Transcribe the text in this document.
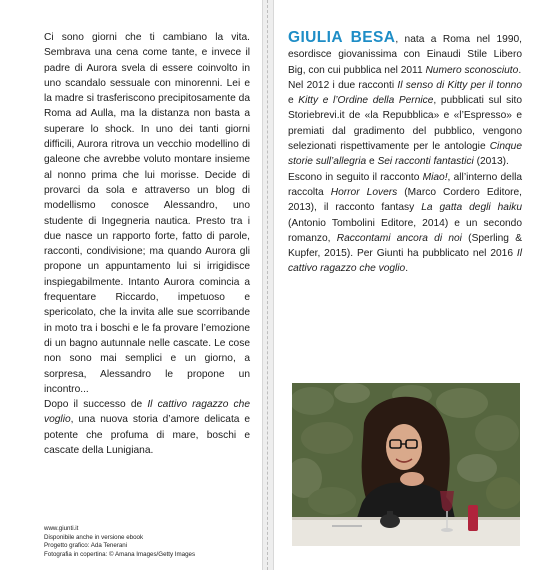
Ci sono giorni che ti cambiano la vita. Sembrava una cena come tante, e invece il padre di Aurora svela di essere coinvolto in uno scandalo sessuale con minorenni. Lei e la madre si trasferiscono precipitosamente da Roma ad Aulla, ma la distanza non basta a superare lo shock. In uno dei tanti giorni difficili, Aurora ritrova un vecchio modellino di galeone che avrebbe voluto montare insieme al nonno prima che lui morisse. Decide di provarci da sola e attraverso un blog di modellismo conosce Alessandro, uno studente di Ingegneria nautica. Presto tra i due nasce un rapporto forte, fatto di parole, racconti, condivisione; ma quando Aurora gli propone un appuntamento lui si irrigidisce inspiegabilmente. Intanto Aurora comincia a frequentare Riccardo, impetuoso e spericolato, che la invita alle sue scorribande in moto tra i boschi e le fa provare l’emozione di un bagno autunnale nelle cascate. Le cose non sono mai semplici e un giorno, a sorpresa, Alessandro le propone un incontro...

Dopo il successo de Il cattivo ragazzo che voglio, una nuova storia d’amore delicata e potente che profuma di mare, boschi e cascate della Lunigiana.

www.giunti.it
Disponibile anche in versione ebook
Progetto grafico: Ada Tenerani
Fotografia in copertina: © Amana Images/Getty Images

GIULIA BESA, nata a Roma nel 1990, esordisce giovanissima con Einaudi Stile Libero Big, con cui pubblica nel 2011 Numero sconosciuto.

Nel 2012 i due racconti Il senso di Kitty per il tonno e Kitty e l’Ordine della Pernice, pubblicati sul sito Storiebrevi.it de «la Repubblica» e «l’Espresso» e premiati dal gradimento del pubblico, vengono selezionati rispettivamente per le antologie Cinque storie sull’allegria e Sei racconti fantastici (2013).

Escono in seguito il racconto Miao!, all’interno della raccolta Horror Lovers (Marco Cordero Editore, 2013), il racconto fantasy La gatta degli haiku (Antonio Tombolini Editore, 2014) e un secondo romanzo, Raccontami ancora di noi (Sperling & Kupfer, 2015). Per Giunti ha pubblicato nel 2016 Il cattivo ragazzo che voglio.
